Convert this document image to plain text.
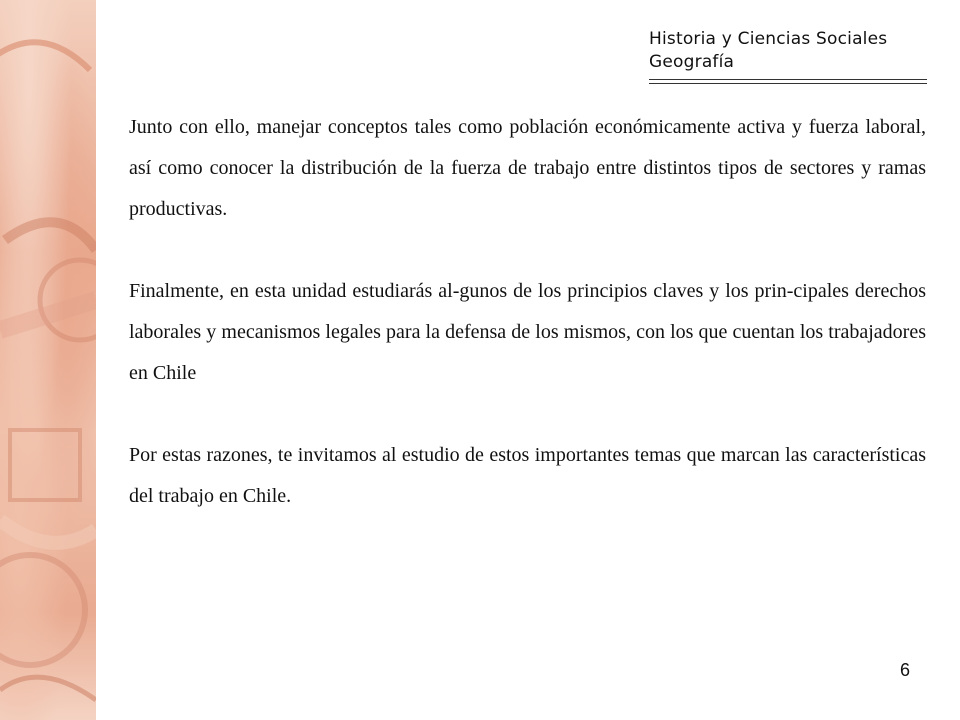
Historia y Ciencias Sociales
Geografía

Junto con ello, manejar conceptos tales como población económicamente activa y fuerza laboral, así como conocer la distribución de la fuerza de trabajo entre distintos tipos de sectores y ramas productivas.

Finalmente, en esta unidad estudiarás al-gunos de los principios claves y los prin-cipales derechos laborales y mecanismos legales para la defensa de los mismos, con los que cuentan los trabajadores en Chile

Por estas razones, te invitamos al estudio de estos importantes temas que marcan las características del trabajo en Chile.

6
